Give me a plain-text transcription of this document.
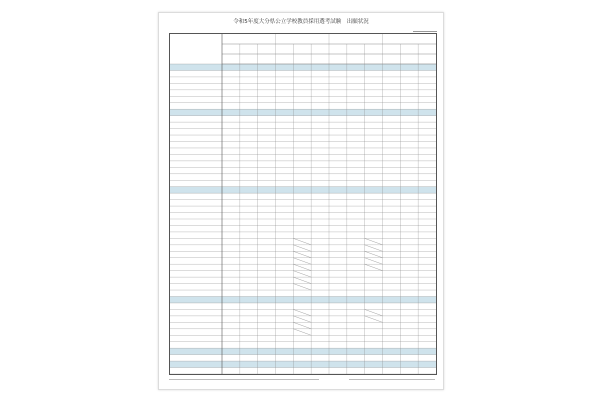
令和5年度大分県公立学校教員採用選考試験　出願状況
